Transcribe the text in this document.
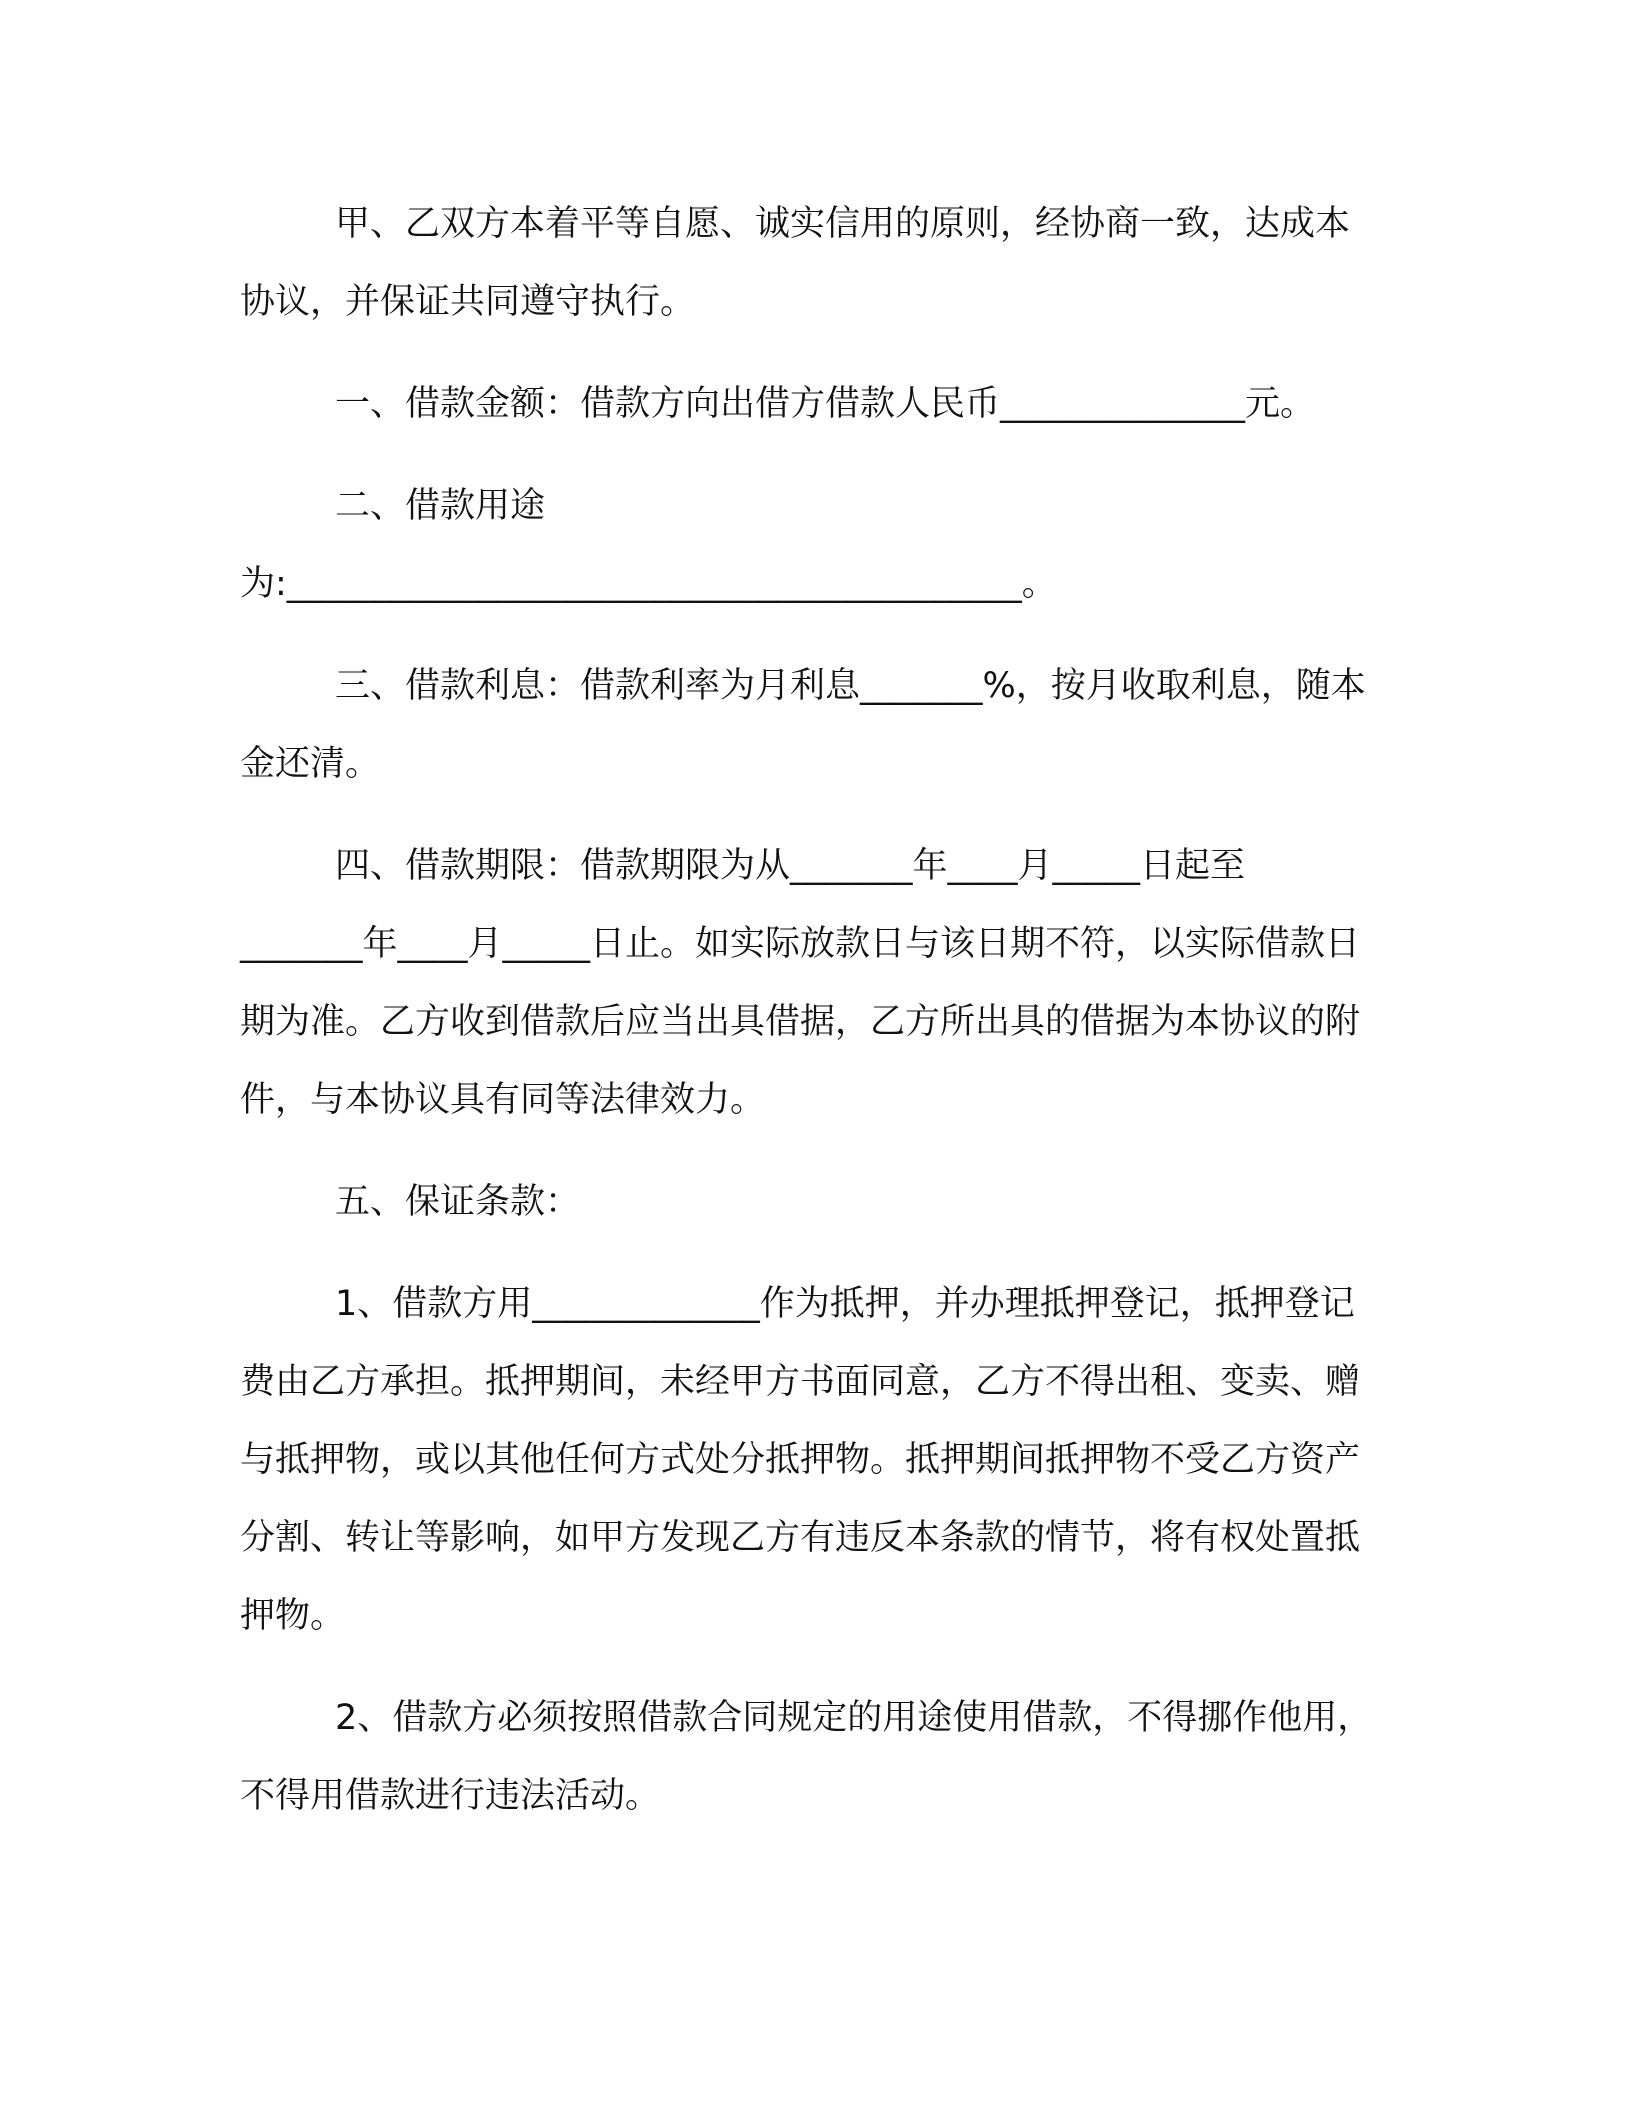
甲、乙双方本着平等自愿、诚实信用的原则，经协商一致，达成本协议，并保证共同遵守执行。

一、借款金额：借款方向出借方借款人民币______________元。

二、借款用途

为:__________________________________________。

三、借款利息：借款利率为月利息_______%，按月收取利息，随本金还清。

四、借款期限：借款期限为从_______年____月_____日起至

_______年____月_____日止。如实际放款日与该日期不符，以实际借款日期为准。乙方收到借款后应当出具借据，乙方所出具的借据为本协议的附件，与本协议具有同等法律效力。

五、保证条款：

1、借款方用_____________作为抵押，并办理抵押登记，抵押登记费由乙方承担。抵押期间，未经甲方书面同意，乙方不得出租、变卖、赠与抵押物，或以其他任何方式处分抵押物。抵押期间抵押物不受乙方资产分割、转让等影响，如甲方发现乙方有违反本条款的情节，将有权处置抵押物。

2、借款方必须按照借款合同规定的用途使用借款，不得挪作他用，不得用借款进行违法活动。
